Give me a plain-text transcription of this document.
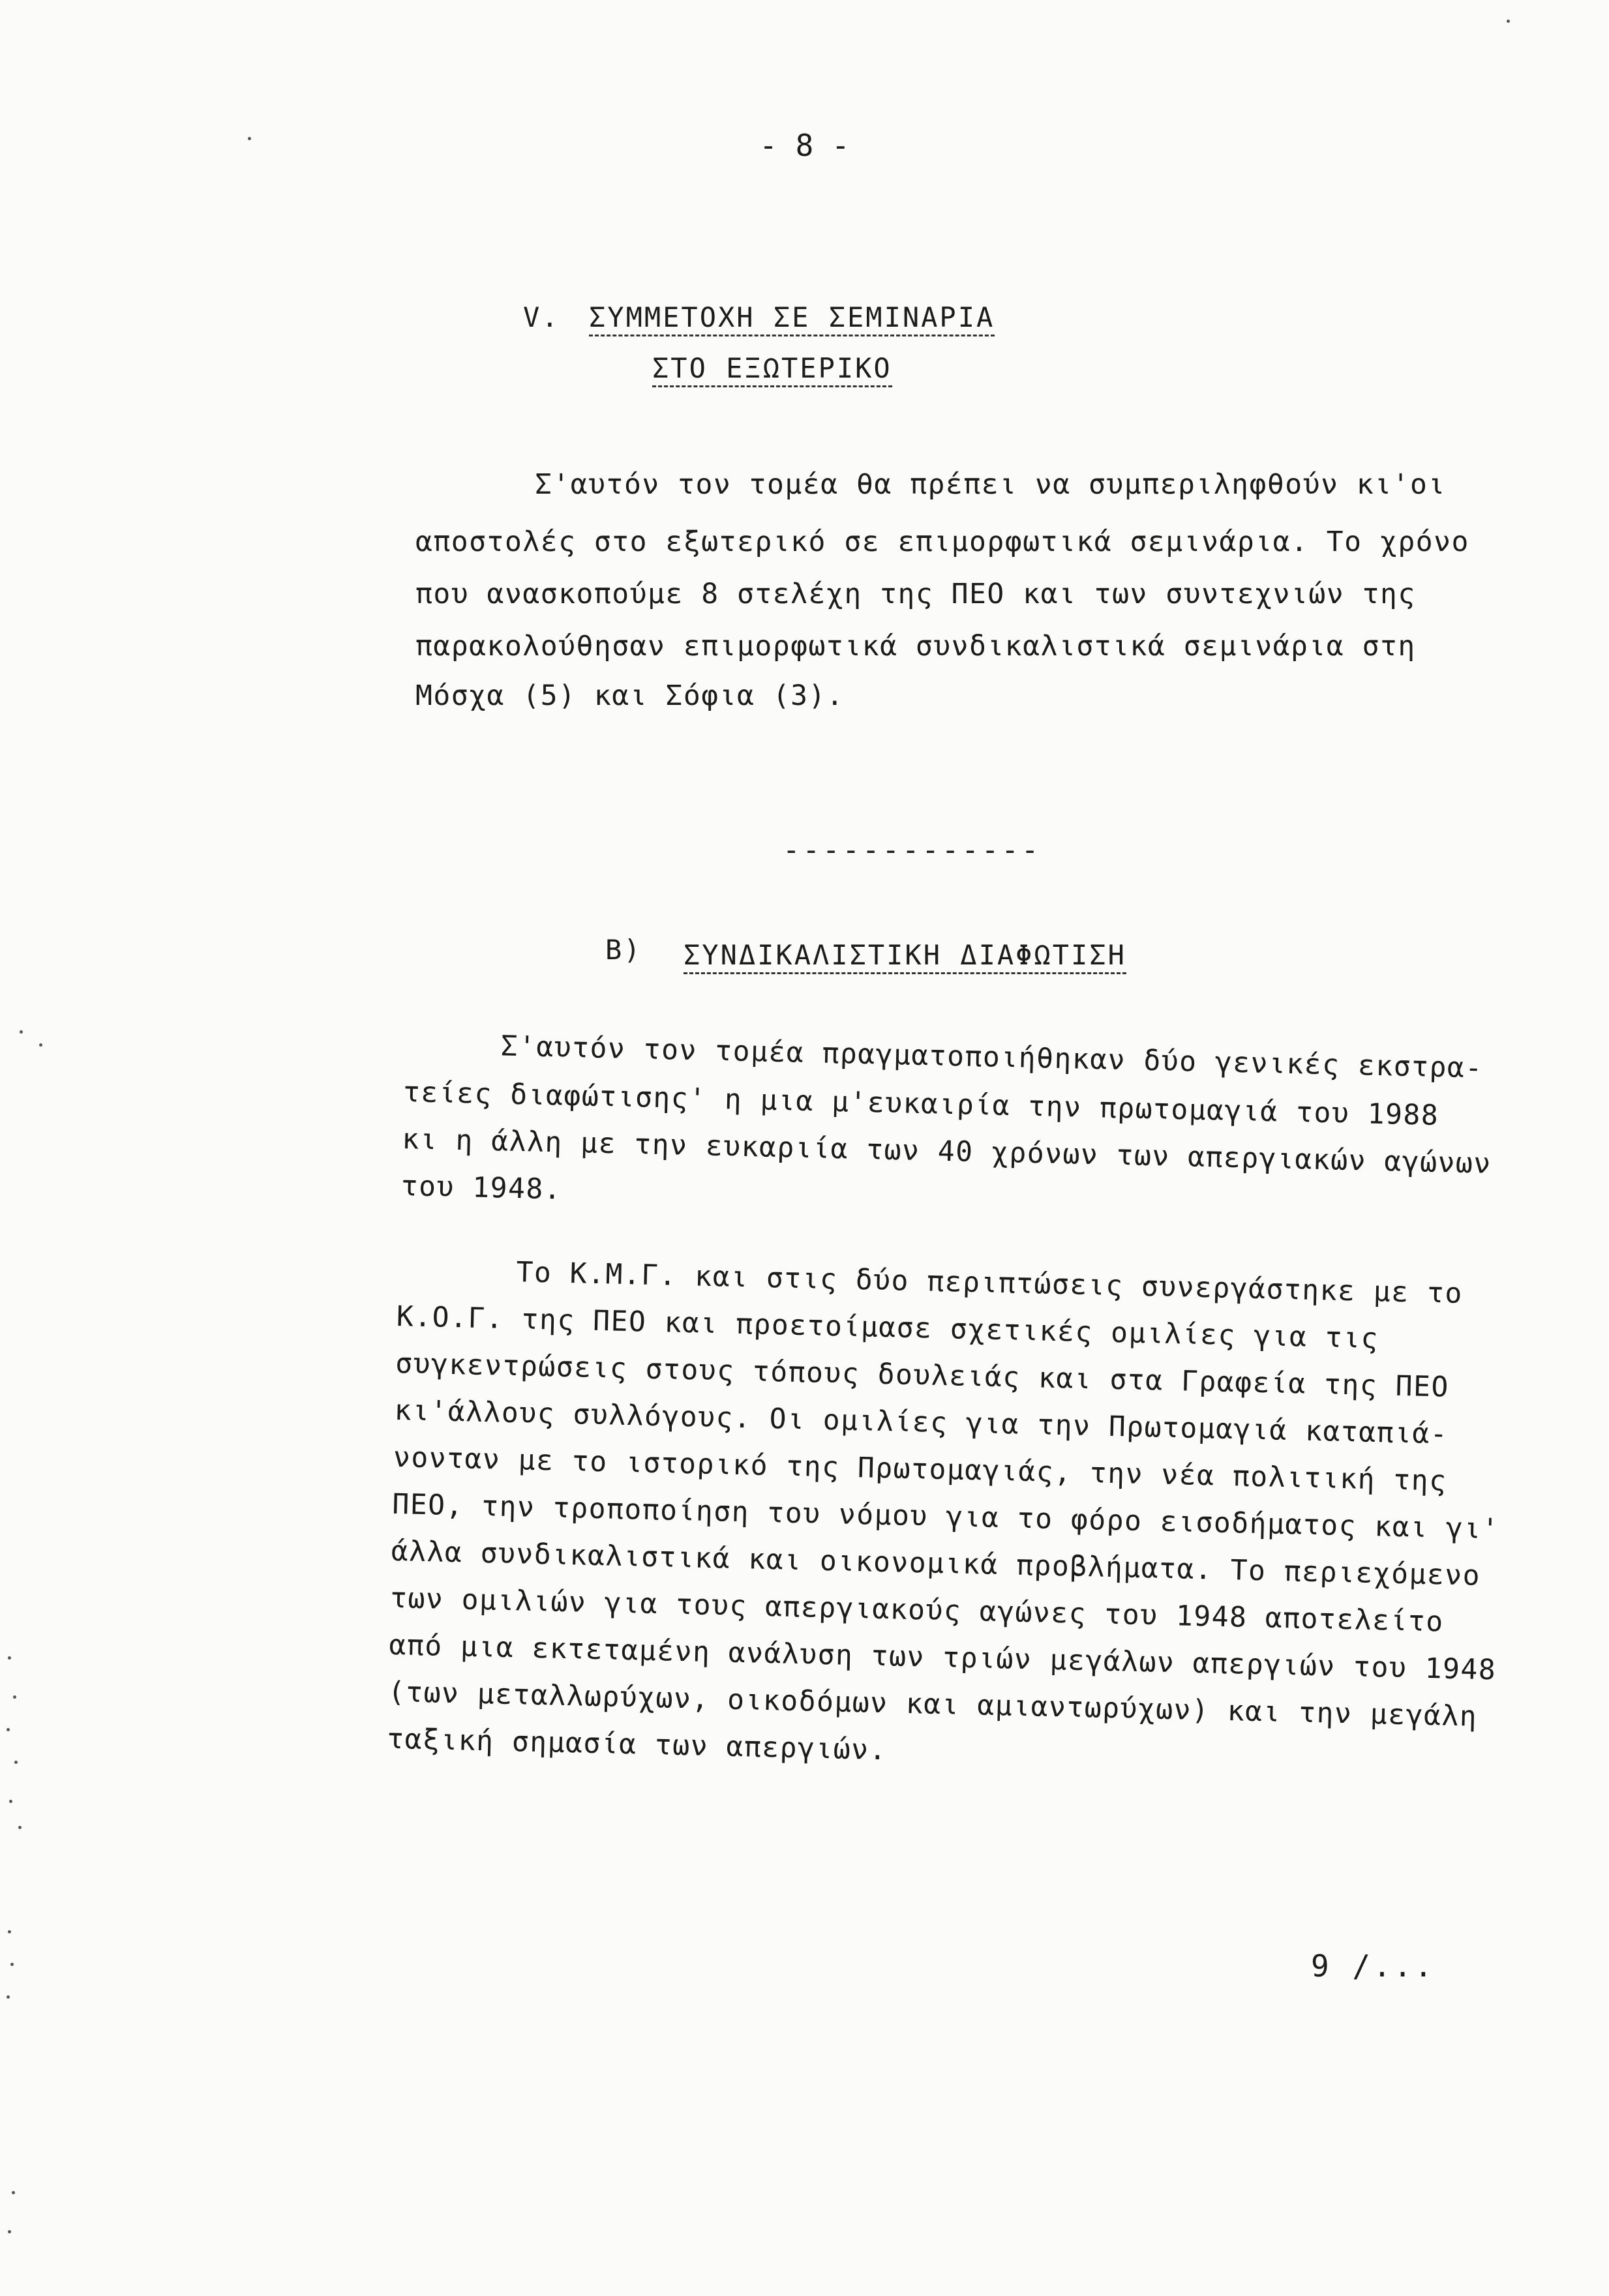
- 8 -
V. ΣΥΜΜΕΤΟΧΗ ΣΕ ΣΕΜΙΝΑΡΙΑ
ΣΤΟ ΕΞΩΤΕΡΙΚΟ
Σ'αυτόν τον τομέα θα πρέπει να συμπεριληφθούν κι'οι
αποστολές στο εξωτερικό σε επιμορφωτικά σεμινάρια. Το χρόνο
που ανασκοπούμε 8 στελέχη της ΠΕΟ και των συντεχνιών της
παρακολούθησαν επιμορφωτικά συνδικαλιστικά σεμινάρια στη
Μόσχα (5) και Σόφια (3).
-------------
Β) ΣΥΝΔΙΚΑΛΙΣΤΙΚΗ ΔΙΑΦΩΤΙΣΗ
Σ'αυτόν τον τομέα πραγματοποιήθηκαν δύο γενικές εκστρα-
τείες διαφώτισης' η μια μ'ευκαιρία την πρωτομαγιά του 1988
κι η άλλη με την ευκαριία των 40 χρόνων των απεργιακών αγώνων
του 1948.
Το Κ.Μ.Γ. και στις δύο περιπτώσεις συνεργάστηκε με το
Κ.Ο.Γ. της ΠΕΟ και προετοίμασε σχετικές ομιλίες για τις
συγκεντρώσεις στους τόπους δουλειάς και στα Γραφεία της ΠΕΟ
κι'άλλους συλλόγους. Οι ομιλίες για την Πρωτομαγιά καταπιά-
νονταν με το ιστορικό της Πρωτομαγιάς, την νέα πολιτική της
ΠΕΟ, την τροποποίηση του νόμου για το φόρο εισοδήματος και γι'
άλλα συνδικαλιστικά και οικονομικά προβλήματα. Το περιεχόμενο
των ομιλιών για τους απεργιακούς αγώνες του 1948 αποτελείτο
από μια εκτεταμένη ανάλυση των τριών μεγάλων απεργιών του 1948
(των μεταλλωρύχων, οικοδόμων και αμιαντωρύχων) και την μεγάλη
ταξική σημασία των απεργιών.
9 /...
